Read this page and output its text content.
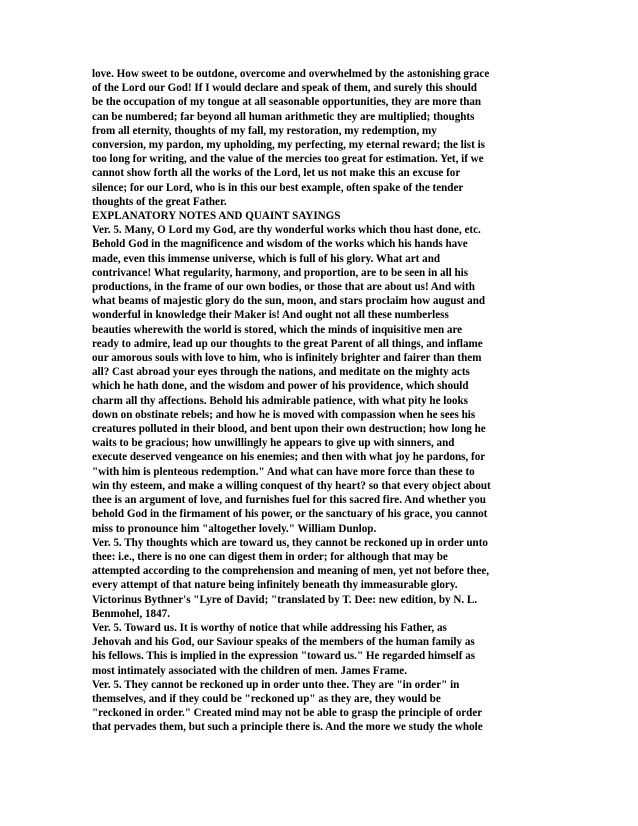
love. How sweet to be outdone, overcome and overwhelmed by the astonishing grace
of the Lord our God! If I would declare and speak of them, and surely this should
be the occupation of my tongue at all seasonable opportunities, they are more than
can be numbered; far beyond all human arithmetic they are multiplied; thoughts
from all eternity, thoughts of my fall, my restoration, my redemption, my
conversion, my pardon, my upholding, my perfecting, my eternal reward; the list is
too long for writing, and the value of the mercies too great for estimation. Yet, if we
cannot show forth all the works of the Lord, let us not make this an excuse for
silence; for our Lord, who is in this our best example, often spake of the tender
thoughts of the great Father.
EXPLANATORY NOTES AND QUAINT SAYINGS
Ver. 5. Many, O Lord my God, are thy wonderful works which thou hast done, etc.
Behold God in the magnificence and wisdom of the works which his hands have
made, even this immense universe, which is full of his glory. What art and
contrivance! What regularity, harmony, and proportion, are to be seen in all his
productions, in the frame of our own bodies, or those that are about us! And with
what beams of majestic glory do the sun, moon, and stars proclaim how august and
wonderful in knowledge their Maker is! And ought not all these numberless
beauties wherewith the world is stored, which the minds of inquisitive men are
ready to admire, lead up our thoughts to the great Parent of all things, and inflame
our amorous souls with love to him, who is infinitely brighter and fairer than them
all? Cast abroad your eyes through the nations, and meditate on the mighty acts
which he hath done, and the wisdom and power of his providence, which should
charm all thy affections. Behold his admirable patience, with what pity he looks
down on obstinate rebels; and how he is moved with compassion when he sees his
creatures polluted in their blood, and bent upon their own destruction; how long he
waits to be gracious; how unwillingly he appears to give up with sinners, and
execute deserved vengeance on his enemies; and then with what joy he pardons, for
"with him is plenteous redemption." And what can have more force than these to
win thy esteem, and make a willing conquest of thy heart? so that every object about
thee is an argument of love, and furnishes fuel for this sacred fire. And whether you
behold God in the firmament of his power, or the sanctuary of his grace, you cannot
miss to pronounce him "altogether lovely." William Dunlop.
Ver. 5. Thy thoughts which are toward us, they cannot be reckoned up in order unto
thee: i.e., there is no one can digest them in order; for although that may be
attempted according to the comprehension and meaning of men, yet not before thee,
every attempt of that nature being infinitely beneath thy immeasurable glory.
Victorinus Bythner's "Lyre of David; "translated by T. Dee: new edition, by N. L.
Benmohel, 1847.
Ver. 5. Toward us. It is worthy of notice that while addressing his Father, as
Jehovah and his God, our Saviour speaks of the members of the human family as
his fellows. This is implied in the expression "toward us." He regarded himself as
most intimately associated with the children of men. James Frame.
Ver. 5. They cannot be reckoned up in order unto thee. They are "in order" in
themselves, and if they could be "reckoned up" as they are, they would be
"reckoned in order." Created mind may not be able to grasp the principle of order
that pervades them, but such a principle there is. And the more we study the whole
